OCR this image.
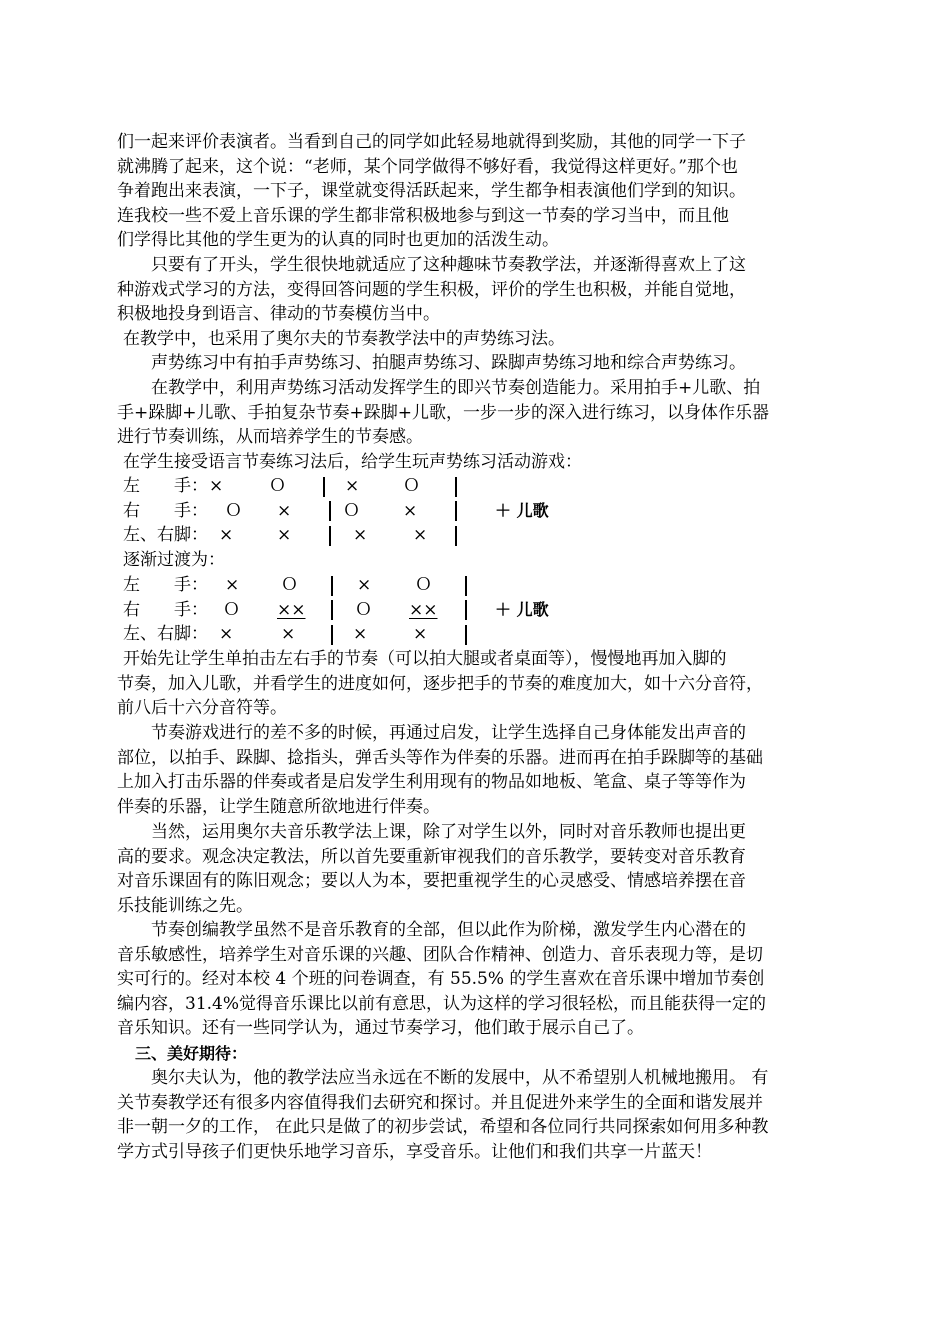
们一起来评价表演者。当看到自己的同学如此轻易地就得到奖励，其他的同学一下子
就沸腾了起来，这个说：“老师，某个同学做得不够好看，我觉得这样更好。”那个也
争着跑出来表演，一下子，课堂就变得活跃起来，学生都争相表演他们学到的知识。
连我校一些不爱上音乐课的学生都非常积极地参与到这一节奏的学习当中，而且他
们学得比其他的学生更为的认真的同时也更加的活泼生动。
只要有了开头，学生很快地就适应了这种趣味节奏教学法，并逐渐得喜欢上了这
种游戏式学习的方法，变得回答问题的学生积极，评价的学生也积极，并能自觉地，
积极地投身到语言、律动的节奏模仿当中。
在教学中，也采用了奥尔夫的节奏教学法中的声势练习法。
声势练习中有拍手声势练习、拍腿声势练习、跺脚声势练习地和综合声势练习。
在教学中，利用声势练习活动发挥学生的即兴节奏创造能力。采用拍手+儿歌、拍
手+跺脚+儿歌、手拍复杂节奏+跺脚+儿歌，一步一步的深入进行练习，以身体作乐器
进行节奏训练，从而培养学生的节奏感。
在学生接受语言节奏练习法后，给学生玩声势练习活动游戏：
左　　手： ×	Ｏ	×	Ｏ
右　　手： Ｏ ×	Ｏ	×	＋ 儿歌
左、右脚： ×	×	×	×
逐渐过渡为：
左　　手： × Ｏ	×	Ｏ
右　　手： Ｏ ××	Ｏ ××	＋ 儿歌
左、右脚： ×	×	×	×
开始先让学生单拍击左右手的节奏（可以拍大腿或者桌面等），慢慢地再加入脚的
节奏，加入儿歌，并看学生的进度如何，逐步把手的节奏的难度加大，如十六分音符，
前八后十六分音符等。
节奏游戏进行的差不多的时候，再通过启发，让学生选择自己身体能发出声音的
部位，以拍手、跺脚、捻指头，弹舌头等作为伴奏的乐器。进而再在拍手跺脚等的基础
上加入打击乐器的伴奏或者是启发学生利用现有的物品如地板、笔盒、桌子等等作为
伴奏的乐器，让学生随意所欲地进行伴奏。
当然，运用奥尔夫音乐教学法上课，除了对学生以外，同时对音乐教师也提出更
高的要求。观念决定教法，所以首先要重新审视我们的音乐教学，要转变对音乐教育
对音乐课固有的陈旧观念；要以人为本，要把重视学生的心灵感受、情感培养摆在音
乐技能训练之先。
节奏创编教学虽然不是音乐教育的全部，但以此作为阶梯，激发学生内心潜在的
音乐敏感性，培养学生对音乐课的兴趣、团队合作精神、创造力、音乐表现力等，是切
实可行的。经对本校 4 个班的问卷调查，有 55.5% 的学生喜欢在音乐课中增加节奏创
编内容，31.4%觉得音乐课比以前有意思，认为这样的学习很轻松，而且能获得一定的
音乐知识。还有一些同学认为，通过节奏学习，他们敢于展示自己了。
三、美好期待：
奥尔夫认为，他的教学法应当永远在不断的发展中，从不希望别人机械地搬用。 有
关节奏教学还有很多内容值得我们去研究和探讨。并且促进外来学生的全面和谐发展并
非一朝一夕的工作， 在此只是做了的初步尝试，希望和各位同行共同探索如何用多种教
学方式引导孩子们更快乐地学习音乐，享受音乐。让他们和我们共享一片蓝天！
